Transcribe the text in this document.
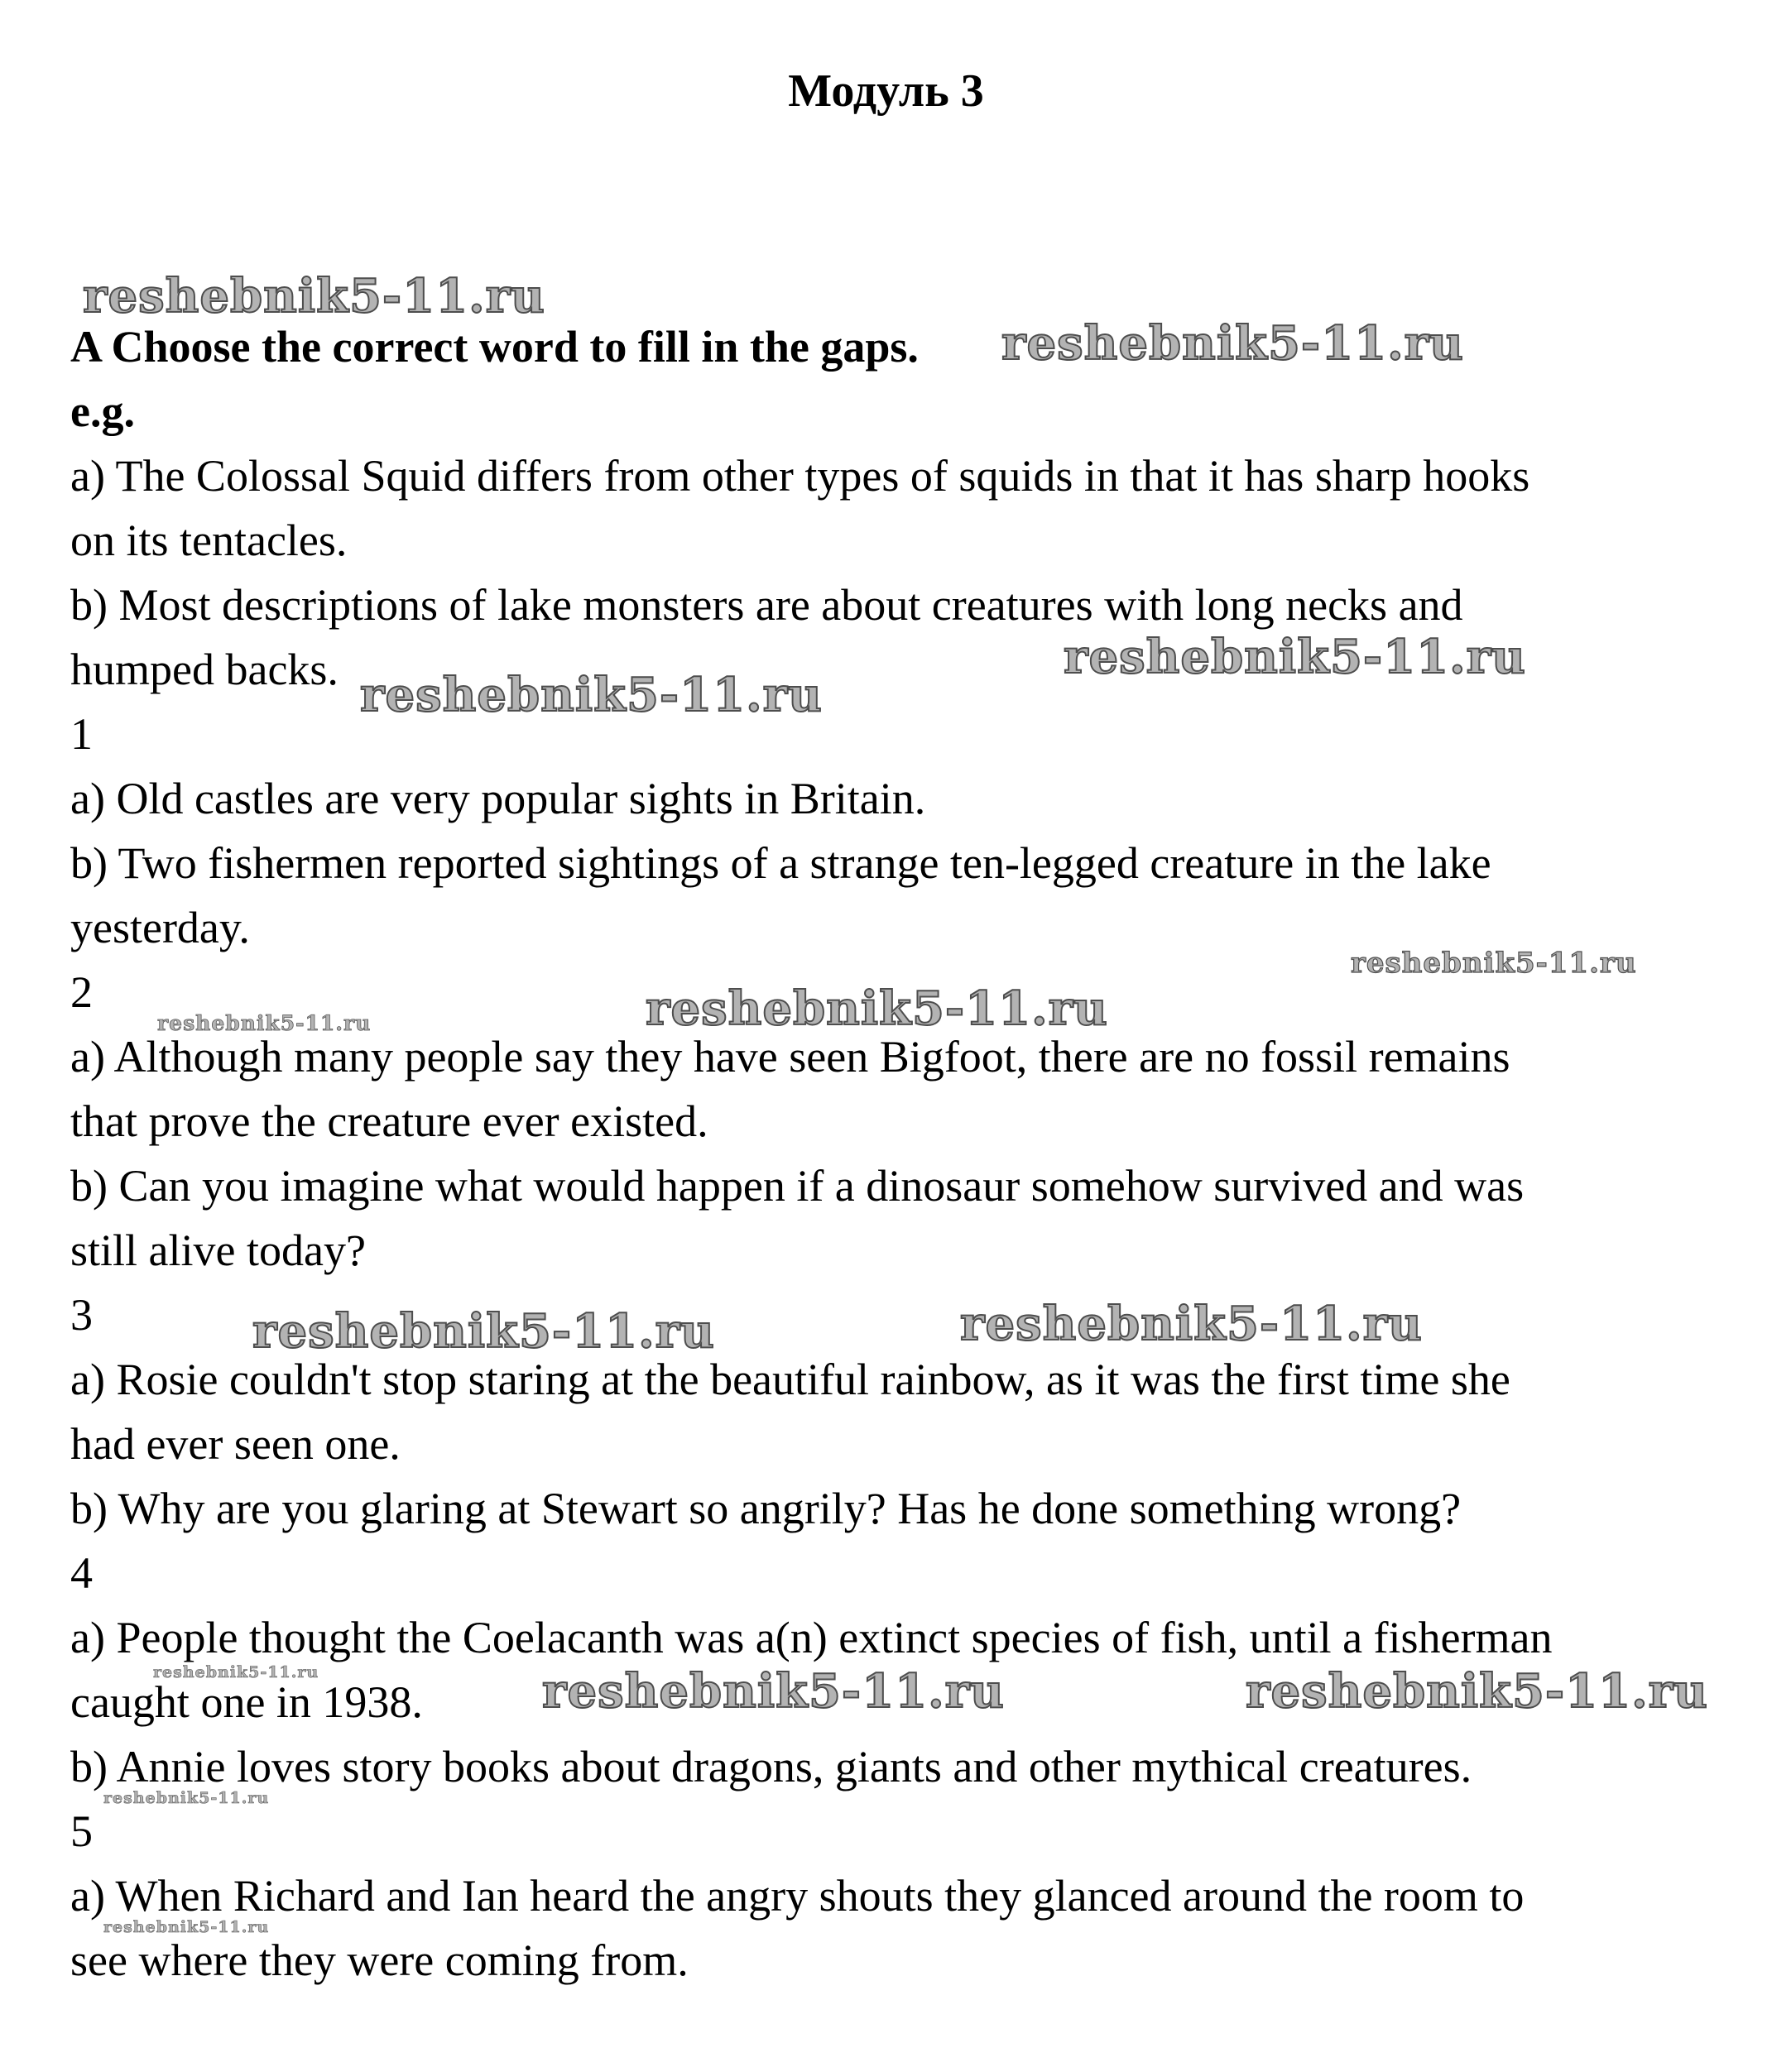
Модуль 3
reshebnik5-11.ru
reshebnik5-11.ru
reshebnik5-11.ru
reshebnik5-11.ru
reshebnik5-11.ru
reshebnik5-11.ru	reshebnik5-11.ru
reshebnik5-11.ru	reshebnik5-11.ru
reshebnik5-11.ru	reshebnik5-11.ru	reshebnik5-11.ru
reshebnik5-11.ru
reshebnik5-11.ru
A Choose the correct word to fill in the gaps.
e.g.
a) The Colossal Squid differs from other types of squids in that it has sharp hooks
on its tentacles.
b) Most descriptions of lake monsters are about creatures with long necks and
humped backs.
1
a) Old castles are very popular sights in Britain.
b) Two fishermen reported sightings of a strange ten-legged creature in the lake
yesterday.
2
a) Although many people say they have seen Bigfoot, there are no fossil remains
that prove the creature ever existed.
b) Can you imagine what would happen if a dinosaur somehow survived and was
still alive today?
3
a) Rosie couldn't stop staring at the beautiful rainbow, as it was the first time she
had ever seen one.
b) Why are you glaring at Stewart so angrily? Has he done something wrong?
4
a) People thought the Coelacanth was a(n) extinct species of fish, until a fisherman
caught one in 1938.
b) Annie loves story books about dragons, giants and other mythical creatures.
5
a) When Richard and Ian heard the angry shouts they glanced around the room to
see where they were coming from.
